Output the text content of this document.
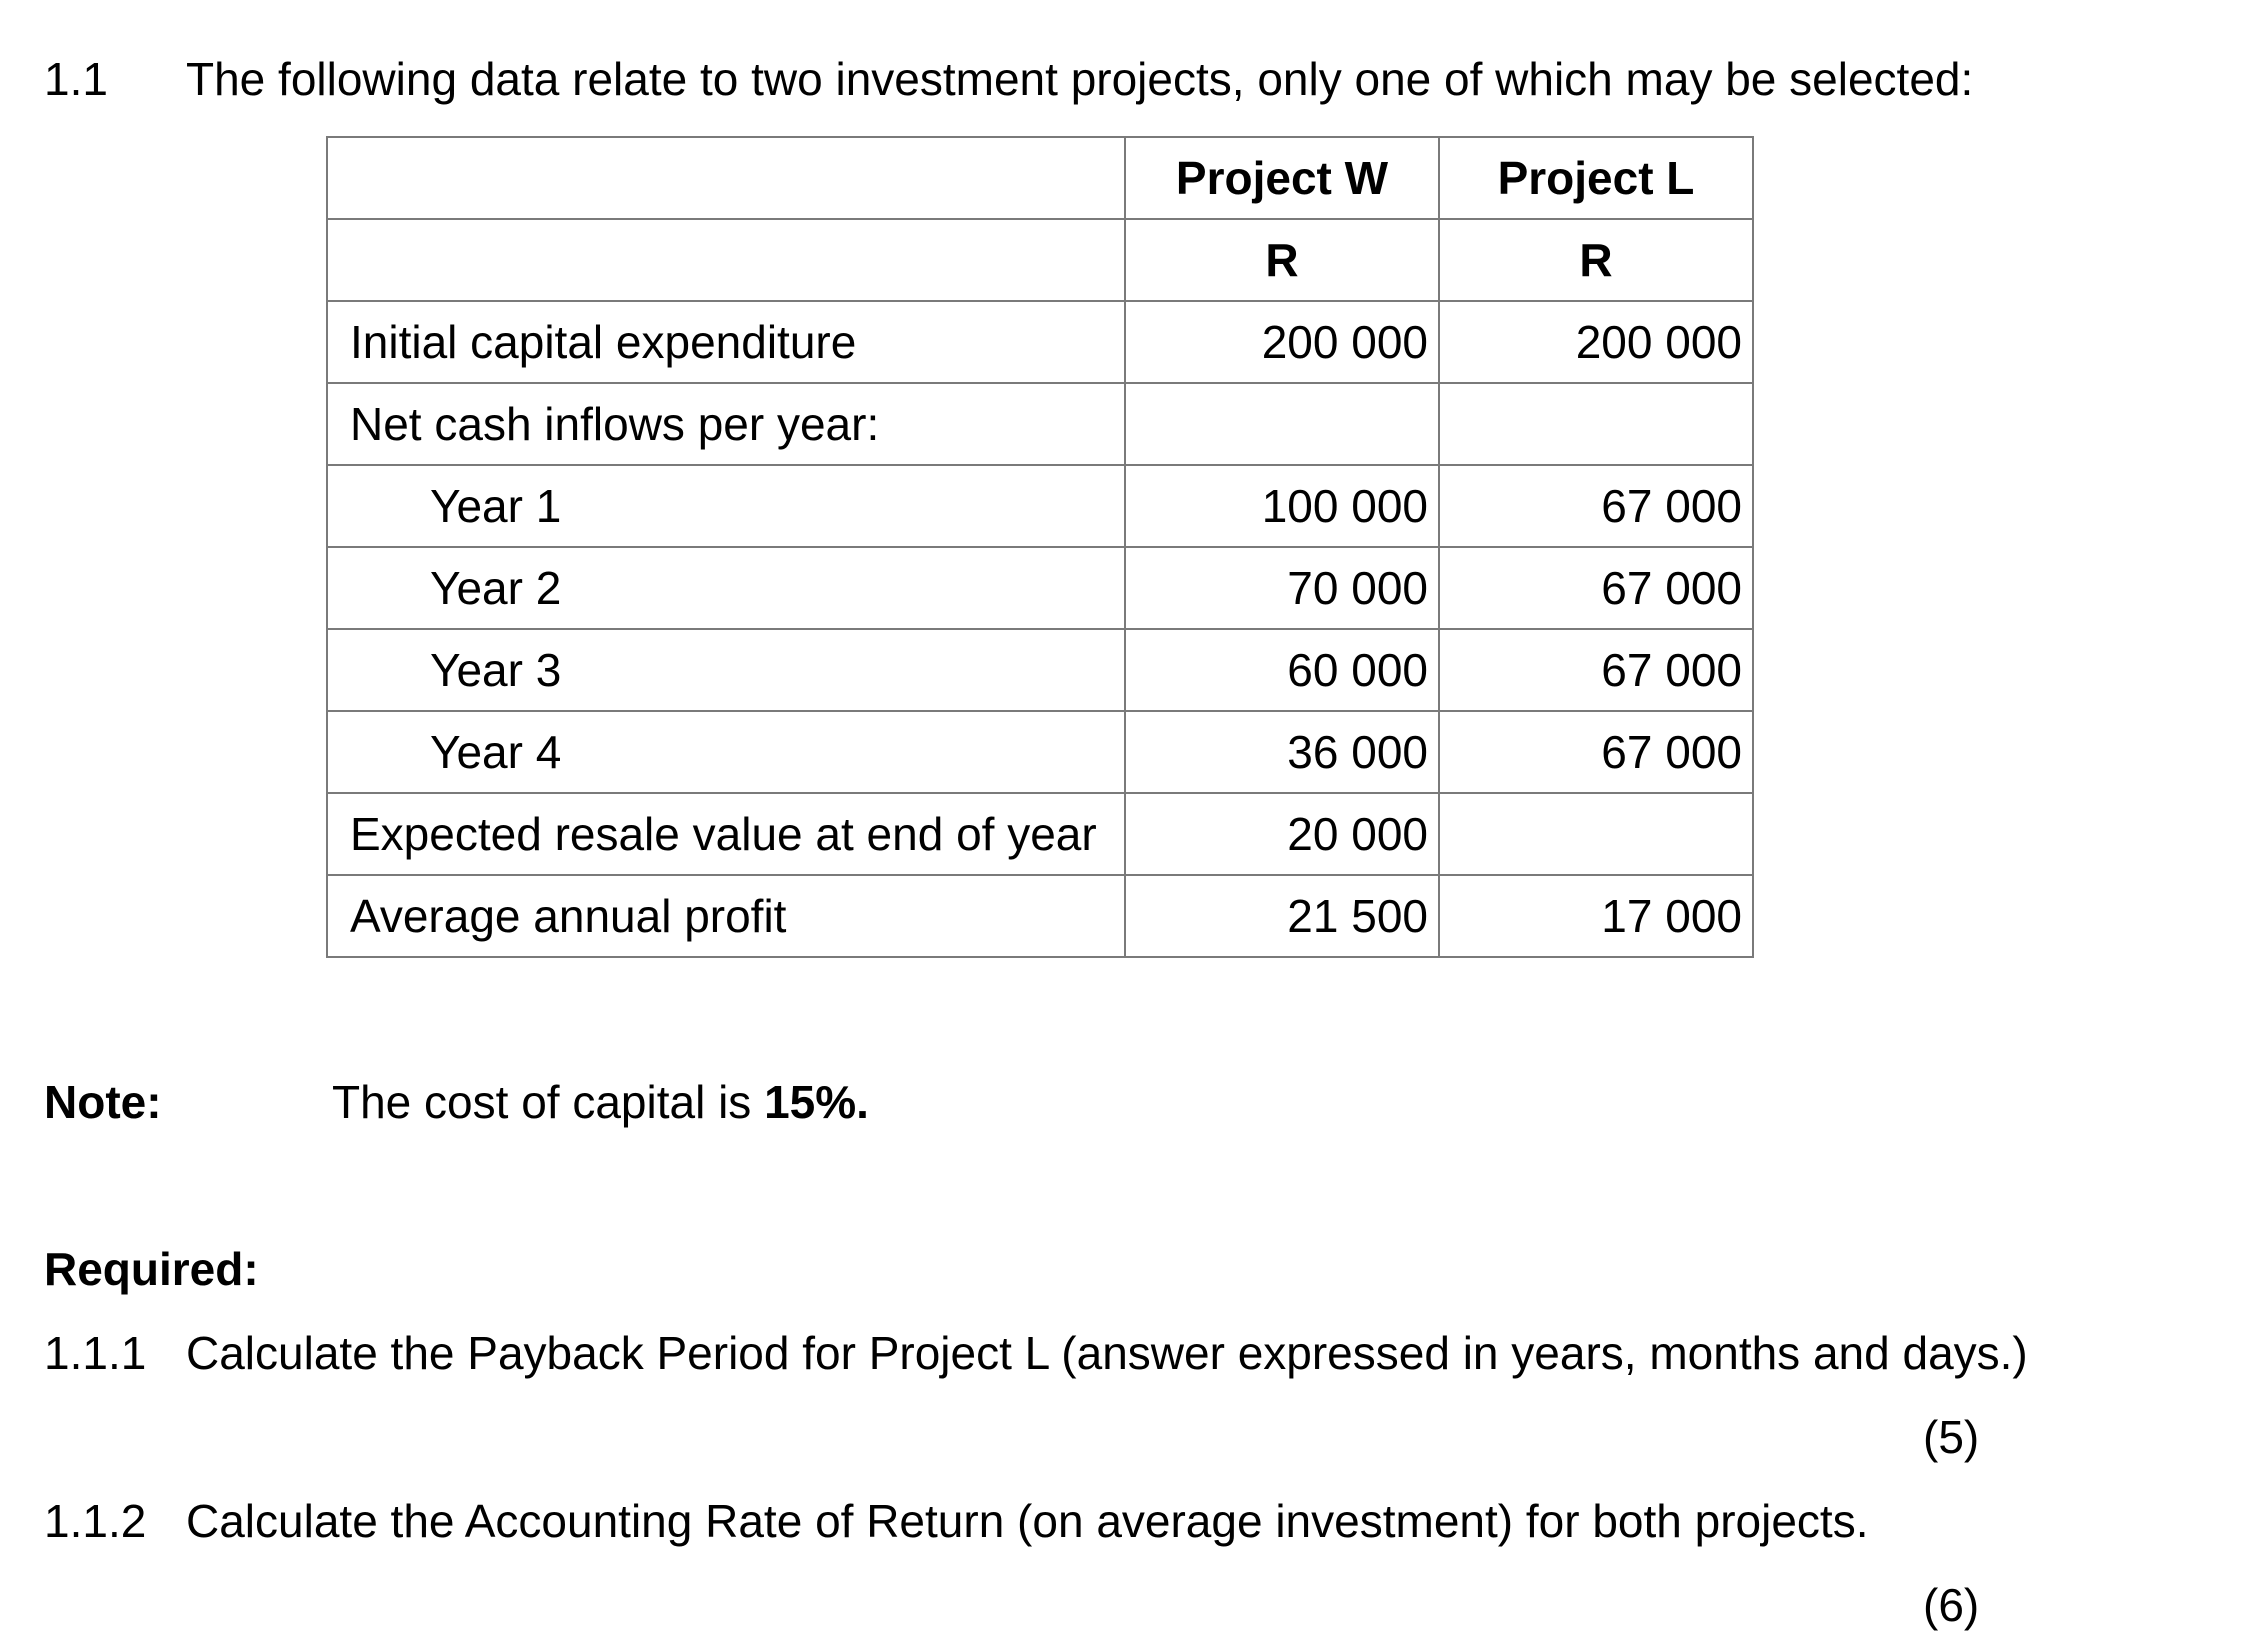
1.1 The following data relate to two investment projects, only one of which may be selected:
	Project W	Project L
	R	R
Initial capital expenditure	200 000	200 000
Net cash inflows per year:		
Year 1	100 000	67 000
Year 2	70 000	67 000
Year 3	60 000	67 000
Year 4	36 000	67 000
Expected resale value at end of year	20 000	
Average annual profit	21 500	17 000
Note:	The cost of capital is 15%.
Required:
1.1.1 Calculate the Payback Period for Project L (answer expressed in years, months and days.)
(5)
1.1.2 Calculate the Accounting Rate of Return (on average investment) for both projects.
(6)
